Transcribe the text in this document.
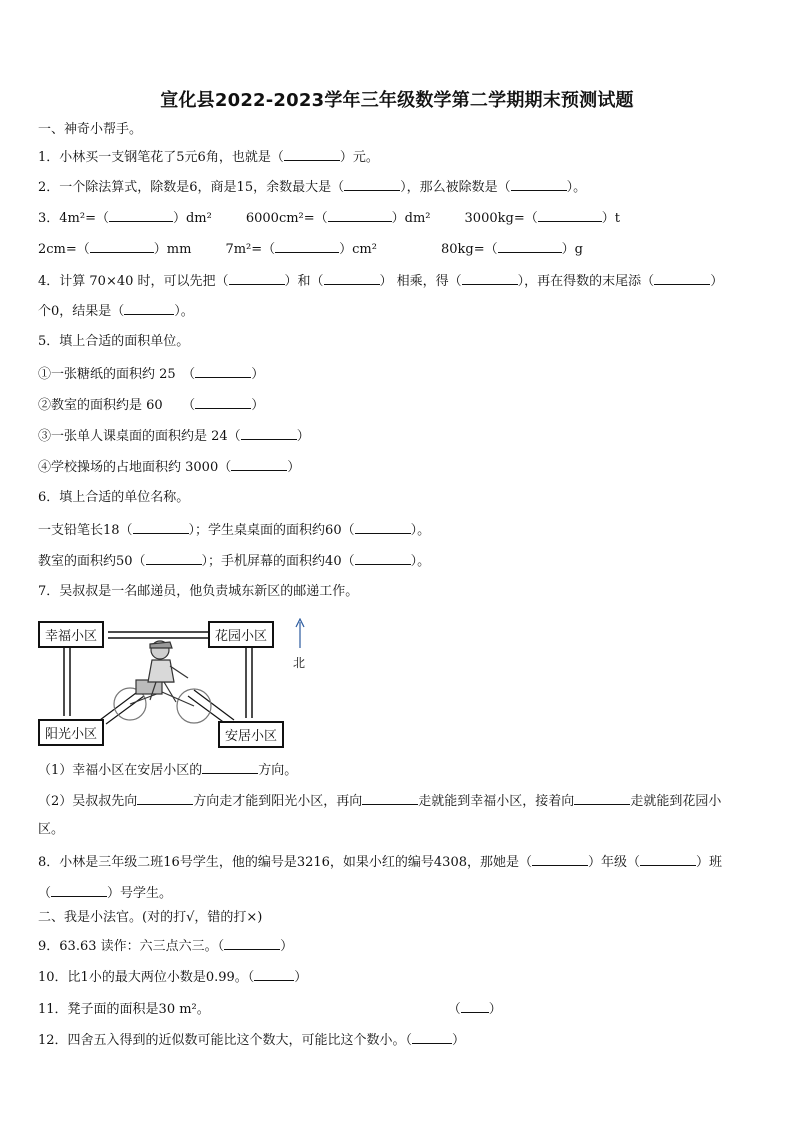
宣化县2022-2023学年三年级数学第二学期期末预测试题
一、神奇小帮手。
1．小林买一支钢笔花了5元6角，也就是（	）元。
2．一个除法算式，除数是6，商是15，余数最大是（	），那么被除数是（	）。
3．4m²=（	）dm²	6000cm²=（	）dm²	3000kg=（	）t
2cm=（	）mm	7m²=（	）cm²	80kg=（	）g
4．计算 70×40 时，可以先把（	）和（	） 相乘，得（	），再在得数的末尾添（	）
个0，结果是（	）。
5．填上合适的面积单位。
①一张糖纸的面积约 25　（	）
②教室的面积约是 60　　（	）
③一张单人课桌面的面积约是 24（	）
④学校操场的占地面积约 3000（	）
6．填上合适的单位名称。
一支铅笔长18（	）；学生桌桌面的面积约60（	）。
教室的面积约50（	）；手机屏幕的面积约40（	）。
7．吴叔叔是一名邮递员，他负责城东新区的邮递工作。
幸福小区	花园小区
阳光小区	安居小区
北
（1）幸福小区在安居小区的	方向。
（2）吴叔叔先向	方向走才能到阳光小区，再向	走就能到幸福小区，接着向	走就能到花园小
区。
8．小林是三年级二班16号学生，他的编号是3216，如果小红的编号4308，那她是（	）年级（	）班
（	）号学生。
二、我是小法官。(对的打√，错的打×)
9．63.63 读作：六三点六三。（	）
10．比1小的最大两位小数是0.99。（	）
11．凳子面的面积是30 m²。	（ ）
12．四舍五入得到的近似数可能比这个数大，可能比这个数小。（	）
